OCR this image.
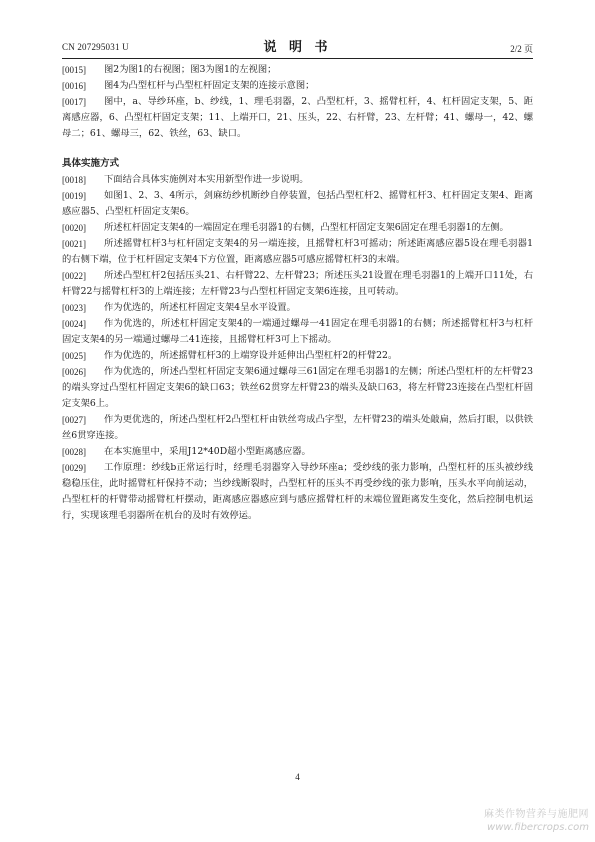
CN 207295031 U	说 明 书	2/2 页
[0015]	图2为图1的右视图；图3为图1的左视图；
[0016]	图4为凸型杠杆与凸型杠杆固定支架的连接示意图；
[0017]	图中，a、导纱环座，b、纱线，1、理毛羽器，2、凸型杠杆，3、摇臂杠杆，4、杠杆固定支架，5、距离感应器，6、凸型杠杆固定支架；11、上端开口，21、压头，22、右杆臂，23、左杆臂；41、螺母一，42、螺母二；61、螺母三，62、铁丝，63、缺口。
具体实施方式
[0018]	下面结合具体实施例对本实用新型作进一步说明。
[0019]	如图1、2、3、4所示，剑麻纺纱机断纱自停装置，包括凸型杠杆2、摇臂杠杆3、杠杆固定支架4、距离感应器5、凸型杠杆固定支架6。
[0020]	所述杠杆固定支架4的一端固定在理毛羽器1的右侧，凸型杠杆固定支架6固定在理毛羽器1的左侧。
[0021]	所述摇臂杠杆3与杠杆固定支架4的另一端连接，且摇臂杠杆3可摇动；所述距离感应器5设在理毛羽器1的右侧下端，位于杠杆固定支架4下方位置，距离感应器5可感应摇臂杠杆3的末端。
[0022]	所述凸型杠杆2包括压头21、右杆臂22、左杆臂23；所述压头21设置在理毛羽器1的上端开口11处，右杆臂22与摇臂杠杆3的上端连接；左杆臂23与凸型杠杆固定支架6连接，且可转动。
[0023]	作为优选的，所述杠杆固定支架4呈水平设置。
[0024]	作为优选的，所述杠杆固定支架4的一端通过螺母一41固定在理毛羽器1的右侧；所述摇臂杠杆3与杠杆固定支架4的另一端通过螺母二41连接，且摇臂杠杆3可上下摇动。
[0025]	作为优选的，所述摇臂杠杆3的上端穿设并延伸出凸型杠杆2的杆臂22。
[0026]	作为优选的，所述凸型杠杆固定支架6通过螺母三61固定在理毛羽器1的左侧；所述凸型杠杆的左杆臂23的端头穿过凸型杠杆固定支架6的缺口63；铁丝62贯穿左杆臂23的端头及缺口63，将左杆臂23连接在凸型杠杆固定支架6上。
[0027]	作为更优选的，所述凸型杠杆2凸型杠杆由铁丝弯成凸字型，左杆臂23的端头处敲扁，然后打眼，以供铁丝6贯穿连接。
[0028]	在本实施里中，采用J12*40D超小型距离感应器。
[0029]	工作原理：纱线b正常运行时，经理毛羽器穿入导纱环座a；受纱线的张力影响，凸型杠杆的压头被纱线稳稳压住，此时摇臂杠杆保持不动；当纱线断裂时，凸型杠杆的压头不再受纱线的张力影响，压头水平向前运动，凸型杠杆的杆臂带动摇臂杠杆摆动，距离感应器感应到与感应摇臂杠杆的末端位置距离发生变化，然后控制电机运行，实现该理毛羽器所在机台的及时有效停运。
4
麻类作物营养与施肥网
www.fibercrops.com
